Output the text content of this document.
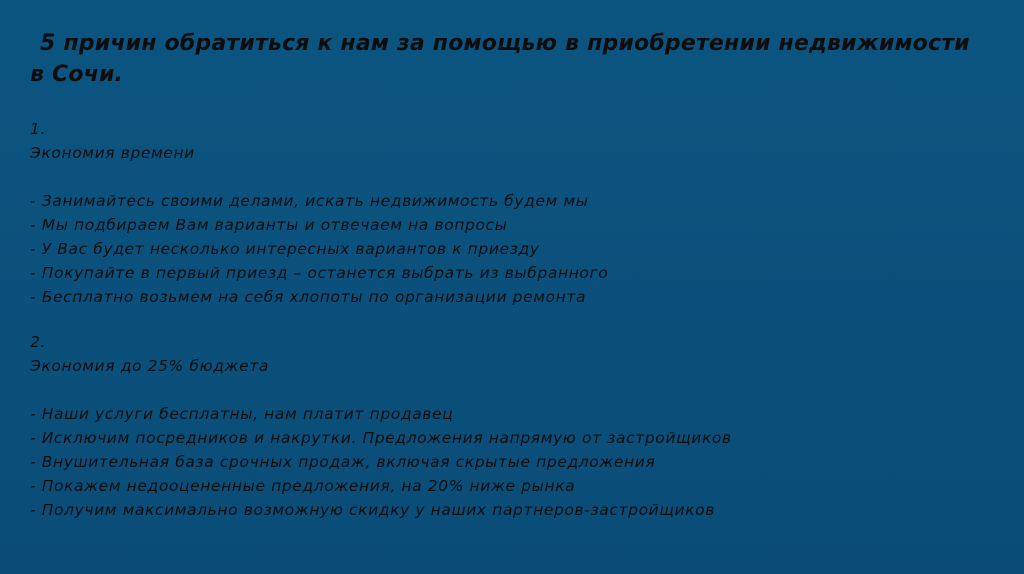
5 причин обратиться к нам за помощью в приобретении недвижимости
в Сочи.
1.
Экономия времени
- Занимайтесь своими делами, искать недвижимость будем мы
- Мы подбираем Вам варианты и отвечаем на вопросы
- У Вас будет несколько интересных вариантов к приезду
- Покупайте в первый приезд – останется выбрать из выбранного
- Бесплатно возьмем на себя хлопоты по организации ремонта
2.
Экономия до 25% бюджета
- Наши услуги бесплатны, нам платит продавец
- Исключим посредников и накрутки. Предложения напрямую от застройщиков
- Внушительная база срочных продаж, включая скрытые предложения
- Покажем недооцененные предложения, на 20% ниже рынка
- Получим максимально возможную скидку у наших партнеров-застройщиков
